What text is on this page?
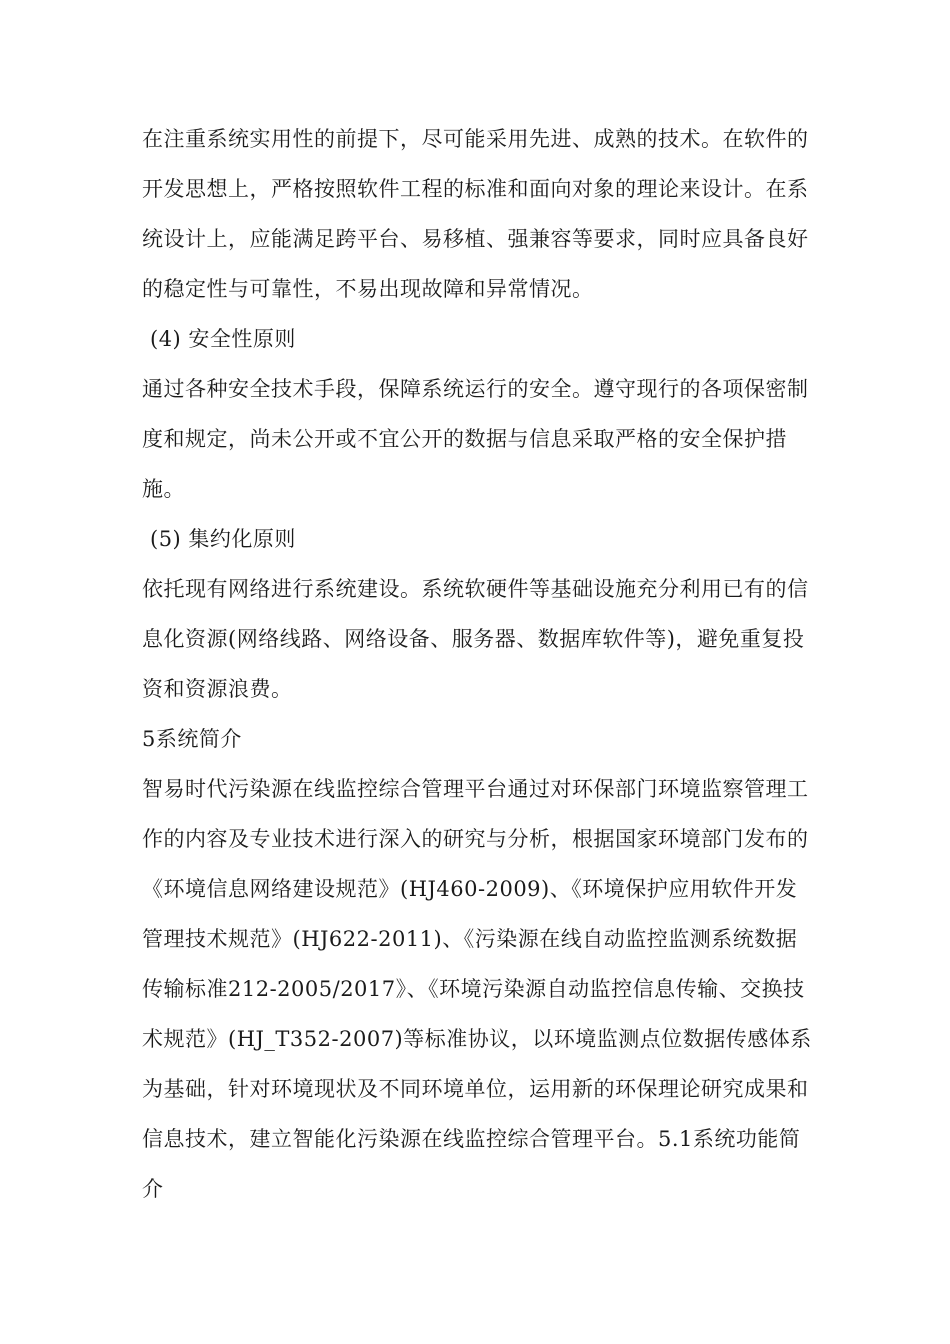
在注重系统实用性的前提下，尽可能采用先进、成熟的技术。在软件的开发思想上，严格按照软件工程的标准和面向对象的理论来设计。在系统设计上，应能满足跨平台、易移植、强兼容等要求，同时应具备良好的稳定性与可靠性，不易出现故障和异常情况。

(4) 安全性原则

通过各种安全技术手段，保障系统运行的安全。遵守现行的各项保密制度和规定，尚未公开或不宜公开的数据与信息采取严格的安全保护措施。

(5) 集约化原则

依托现有网络进行系统建设。系统软硬件等基础设施充分利用已有的信息化资源(网络线路、网络设备、服务器、数据库软件等)，避免重复投资和资源浪费。

5系统简介

智易时代污染源在线监控综合管理平台通过对环保部门环境监察管理工作的内容及专业技术进行深入的研究与分析，根据国家环境部门发布的《环境信息网络建设规范》(HJ460-2009)、《环境保护应用软件开发管理技术规范》(HJ622-2011)、《污染源在线自动监控监测系统数据传输标准212-2005/2017》、《环境污染源自动监控信息传输、交换技术规范》(HJ_T352-2007)等标准协议，以环境监测点位数据传感体系为基础，针对环境现状及不同环境单位，运用新的环保理论研究成果和信息技术，建立智能化污染源在线监控综合管理平台。5.1系统功能简介
